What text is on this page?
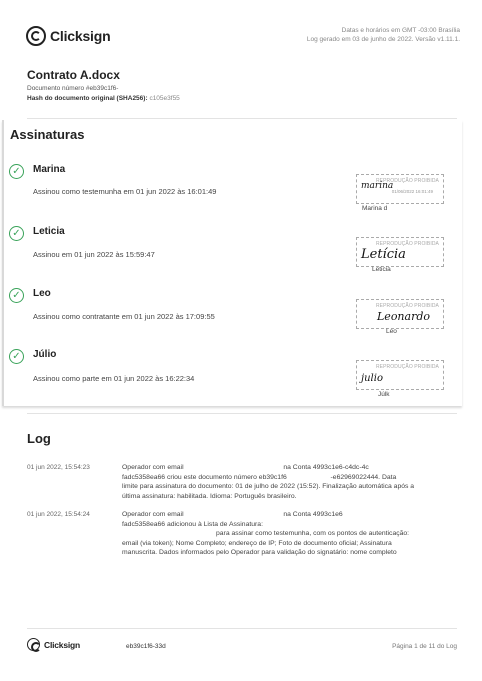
Clicksign	Datas e horários em GMT -03:00 Brasília
Log gerado em 03 de junho de 2022. Versão v1.11.1.
Contrato A.docx
Documento número #eb39c1f6-
Hash do documento original (SHA256): c105e3f55
Assinaturas
✓	Marina
Assinou como testemunha em 01 jun 2022 às 16:01:49
REPRODUÇÃO PROIBIDA
01/06/2022 16:01:49
marina
Marina d
✓	Leticia
Assinou em 01 jun 2022 às 15:59:47
REPRODUÇÃO PROIBIDA
Letícia
Leticia
✓	Leo
Assinou como contratante em 01 jun 2022 às 17:09:55
REPRODUÇÃO PROIBIDA
Leonardo
Leo
✓	Júlio
Assinou como parte em 01 jun 2022 às 16:22:34
REPRODUÇÃO PROIBIDA
julio
Júlk
Log
01 jun 2022, 15:54:23	Operador com email	na Conta 4993c1e6-c4dc-4c
fadc5358ea66 criou este documento número eb39c1f6	-e62969022444. Data
limite para assinatura do documento: 01 de julho de 2022 (15:52). Finalização automática após a
última assinatura: habilitada. Idioma: Português brasileiro.
01 jun 2022, 15:54:24	Operador com email	na Conta 4993c1e6
fadc5358ea66 adicionou à Lista de Assinatura:
para assinar como testemunha, com os pontos de autenticação:
email (via token); Nome Completo; endereço de IP; Foto de documento oficial; Assinatura
manuscrita. Dados informados pelo Operador para validação do signatário: nome completo
Clicksign	eb39c1f6-33d	Página 1 de 11 do Log
